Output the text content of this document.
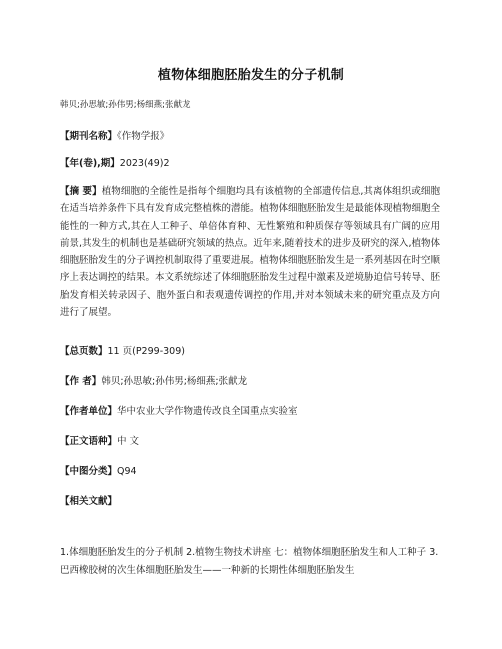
植物体细胞胚胎发生的分子机制
韩贝;孙思敏;孙伟男;杨细燕;张献龙
【期刊名称】《作物学报》
【年(卷),期】2023(49)2
【摘 要】植物细胞的全能性是指每个细胞均具有该植物的全部遗传信息,其离体组织或细胞在适当培养条件下具有发育成完整植株的潜能。植物体细胞胚胎发生是最能体现植物细胞全能性的一种方式,其在人工种子、单倍体育种、无性繁殖和种质保存等领域具有广阔的应用前景,其发生的机制也是基础研究领域的热点。近年来,随着技术的进步及研究的深入,植物体细胞胚胎发生的分子调控机制取得了重要进展。植物体细胞胚胎发生是一系列基因在时空顺序上表达调控的结果。本文系统综述了体细胞胚胎发生过程中激素及逆境胁迫信号转导、胚胎发育相关转录因子、胞外蛋白和表观遗传调控的作用,并对本领域未来的研究重点及方向进行了展望。
【总页数】11 页(P299-309)
【作 者】韩贝;孙思敏;孙伟男;杨细燕;张献龙
【作者单位】华中农业大学作物遗传改良全国重点实验室
【正文语种】中 文
【中图分类】Q94
【相关文献】
1.体细胞胚胎发生的分子机制 2.植物生物技术讲座 七：植物体细胞胚胎发生和人工种子 3.巴西橡胶树的次生体细胞胚胎发生——一种新的长期性体细胞胚胎发生
